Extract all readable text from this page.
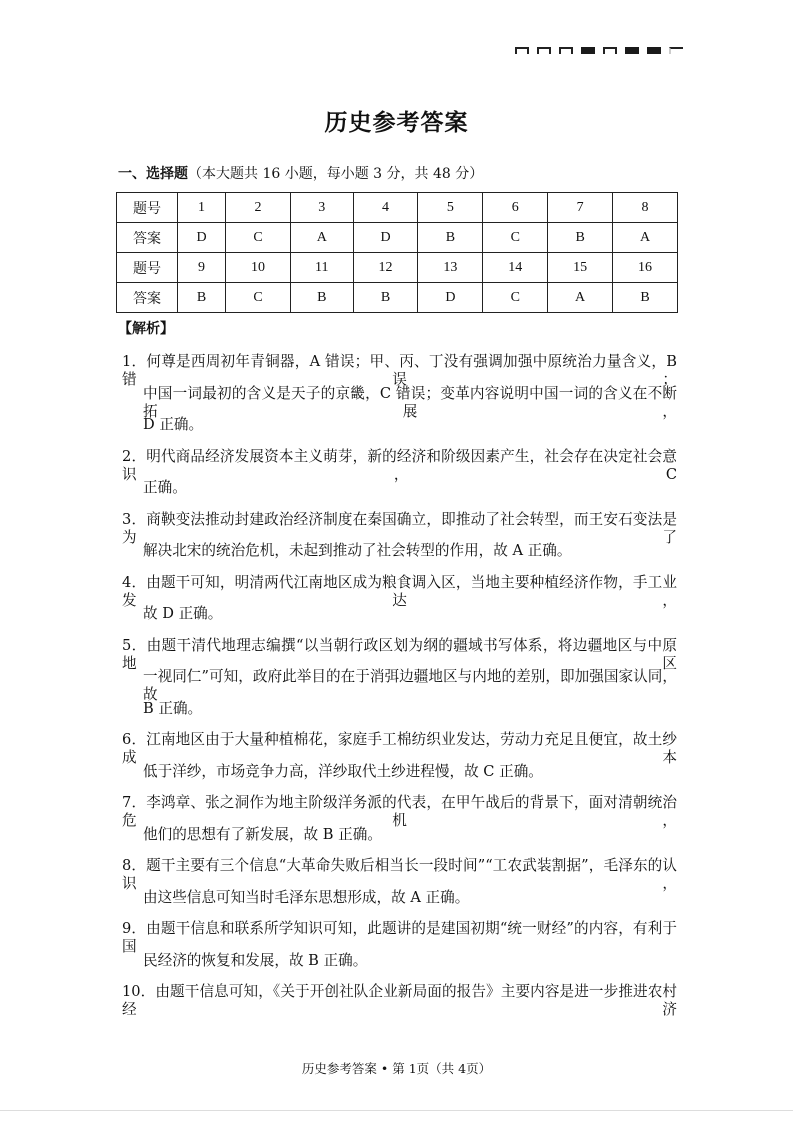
历史参考答案
一、选择题（本大题共 16 小题，每小题 3 分，共 48 分）
题号	1	2	3	4	5	6	7	8
答案	D	C	A	D	B	C	B	A
题号	9	10	11	12	13	14	15	16
答案	B	C	B	B	D	C	A	B
【解析】
1．何尊是西周初年青铜器，A 错误；甲、丙、丁没有强调加强中原统治力量含义，B 错误；
中国一词最初的含义是天子的京畿，C 错误；变革内容说明中国一词的含义在不断拓展，
D 正确。
2．明代商品经济发展资本主义萌芽，新的经济和阶级因素产生，社会存在决定社会意识，C
正确。
3．商鞅变法推动封建政治经济制度在秦国确立，即推动了社会转型，而王安石变法是为了
解决北宋的统治危机，未起到推动了社会转型的作用，故 A 正确。
4．由题干可知，明清两代江南地区成为粮食调入区，当地主要种植经济作物，手工业发达，
故 D 正确。
5．由题干清代地理志编撰“以当朝行政区划为纲的疆域书写体系，将边疆地区与中原地区
一视同仁”可知，政府此举目的在于消弭边疆地区与内地的差别，即加强国家认同，故
B 正确。
6．江南地区由于大量种植棉花，家庭手工棉纺织业发达，劳动力充足且便宜，故土纱成本
低于洋纱，市场竞争力高，洋纱取代土纱进程慢，故 C 正确。
7．李鸿章、张之洞作为地主阶级洋务派的代表，在甲午战后的背景下，面对清朝统治危机，
他们的思想有了新发展，故 B 正确。
8．题干主要有三个信息“大革命失败后相当长一段时间”“工农武装割据”，毛泽东的认识，
由这些信息可知当时毛泽东思想形成，故 A 正确。
9．由题干信息和联系所学知识可知，此题讲的是建国初期“统一财经”的内容，有利于国
民经济的恢复和发展，故 B 正确。
10．由题干信息可知，《关于开创社队企业新局面的报告》主要内容是进一步推进农村经济
历史参考答案 • 第 1页（共 4页）
